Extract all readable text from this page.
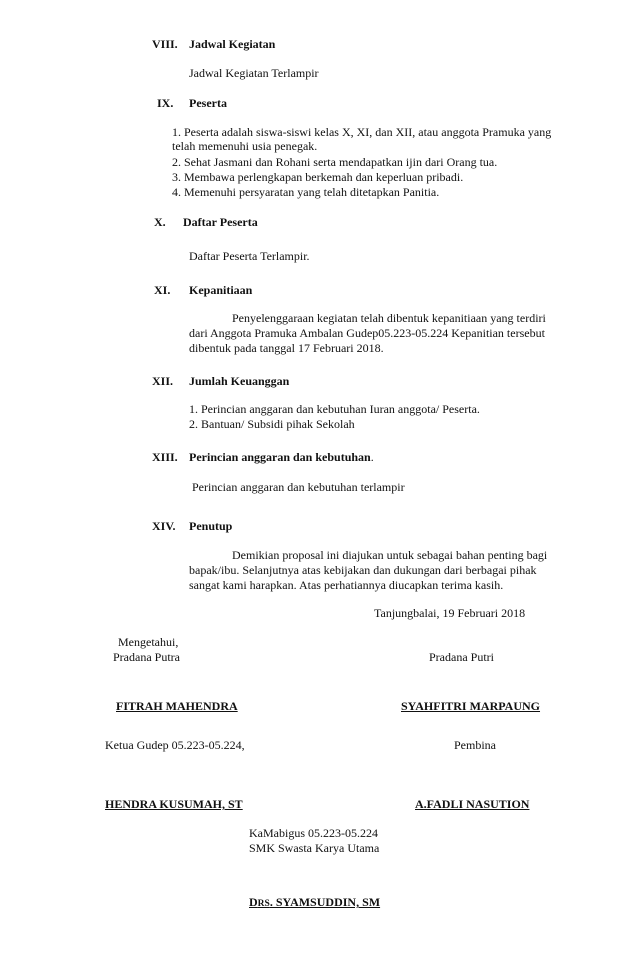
VIII. Jadwal Kegiatan
Jadwal Kegiatan Terlampir
IX. Peserta
1. Peserta adalah siswa-siswi kelas X, XI, dan XII, atau anggota Pramuka yang
telah memenuhi usia penegak.
2. Sehat Jasmani dan Rohani serta mendapatkan ijin dari Orang tua.
3. Membawa perlengkapan berkemah dan keperluan pribadi.
4. Memenuhi persyaratan yang telah ditetapkan Panitia.
X. Daftar Peserta
Daftar Peserta Terlampir.
XI. Kepanitiaan
Penyelenggaraan kegiatan telah dibentuk kepanitiaan yang terdiri
dari Anggota Pramuka Ambalan Gudep05.223-05.224 Kepanitian tersebut
dibentuk pada tanggal 17 Februari 2018.
XII. Jumlah Keuanggan
1. Perincian anggaran dan kebutuhan Iuran anggota/ Peserta.
2. Bantuan/ Subsidi pihak Sekolah
XIII. Perincian anggaran dan kebutuhan.
Perincian anggaran dan kebutuhan terlampir
XIV. Penutup
Demikian proposal ini diajukan untuk sebagai bahan penting bagi
bapak/ibu. Selanjutnya atas kebijakan dan dukungan dari berbagai pihak
sangat kami harapkan. Atas perhatiannya diucapkan terima kasih.
Tanjungbalai, 19 Februari 2018
Mengetahui,
Pradana Putra	Pradana Putri
FITRAH MAHENDRA	SYAHFITRI MARPAUNG
Ketua Gudep 05.223-05.224,	Pembina
HENDRA KUSUMAH, ST	A.FADLI NASUTION
KaMabigus 05.223-05.224
SMK Swasta Karya Utama
DRS. SYAMSUDDIN, SM
